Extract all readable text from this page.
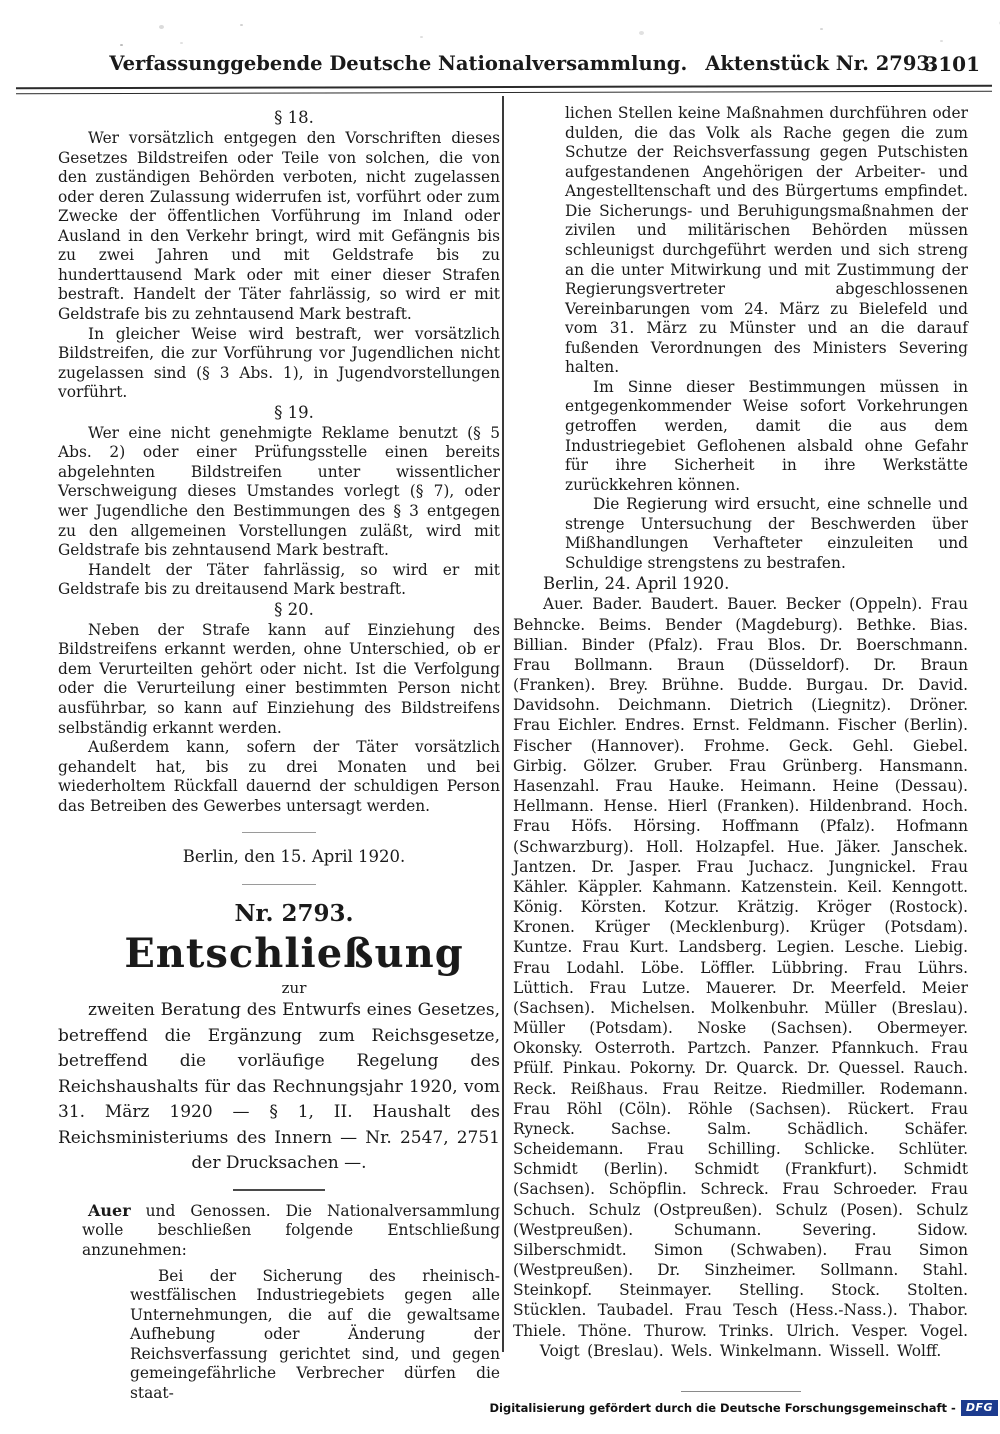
Verfassunggebende Deutsche Nationalversammlung. Aktenstück Nr. 2793.
3101

§ 18.

Wer vorsätzlich entgegen den Vorschriften dieses Gesetzes Bildstreifen oder Teile von solchen, die von den zuständigen Behörden verboten, nicht zugelassen oder deren Zulassung widerrufen ist, vorführt oder zum Zwecke der öffentlichen Vorführung im Inland oder Ausland in den Verkehr bringt, wird mit Gefängnis bis zu zwei Jahren und mit Geldstrafe bis zu hunderttausend Mark oder mit einer dieser Strafen bestraft. Handelt der Täter fahrlässig, so wird er mit Geldstrafe bis zu zehntausend Mark bestraft.

In gleicher Weise wird bestraft, wer vorsätzlich Bildstreifen, die zur Vorführung vor Jugendlichen nicht zugelassen sind (§ 3 Abs. 1), in Jugendvorstellungen vorführt.

§ 19.

Wer eine nicht genehmigte Reklame benutzt (§ 5 Abs. 2) oder einer Prüfungsstelle einen bereits abgelehnten Bildstreifen unter wissentlicher Verschweigung dieses Umstandes vorlegt (§ 7), oder wer Jugendliche den Bestimmungen des § 3 entgegen zu den allgemeinen Vorstellungen zuläßt, wird mit Geldstrafe bis zehntausend Mark bestraft.

Handelt der Täter fahrlässig, so wird er mit Geldstrafe bis zu dreitausend Mark bestraft.

§ 20.

Neben der Strafe kann auf Einziehung des Bildstreifens erkannt werden, ohne Unterschied, ob er dem Verurteilten gehört oder nicht. Ist die Verfolgung oder die Verurteilung einer bestimmten Person nicht ausführbar, so kann auf Einziehung des Bildstreifens selbständig erkannt werden.

Außerdem kann, sofern der Täter vorsätzlich gehandelt hat, bis zu drei Monaten und bei wiederholtem Rückfall dauernd der schuldigen Person das Betreiben des Gewerbes untersagt werden.

Berlin, den 15. April 1920.

Nr. 2793.

Entschließung

zur

zweiten Beratung des Entwurfs eines Gesetzes, betreffend die Ergänzung zum Reichsgesetze, betreffend die vorläufige Regelung des Reichshaushalts für das Rechnungsjahr 1920, vom 31. März 1920 — § 1, II. Haushalt des Reichsministeriums des Innern — Nr. 2547, 2751 der Drucksachen —.

Auer und Genossen. Die Nationalversammlung wolle beschließen folgende Entschließung anzunehmen:

Bei der Sicherung des rheinisch-westfälischen Industriegebiets gegen alle Unternehmungen, die auf die gewaltsame Aufhebung oder Änderung der Reichsverfassung gerichtet sind, und gegen gemeingefährliche Verbrecher dürfen die staat-

lichen Stellen keine Maßnahmen durchführen oder dulden, die das Volk als Rache gegen die zum Schutze der Reichsverfassung gegen Putschisten aufgestandenen Angehörigen der Arbeiter- und Angestelltenschaft und des Bürgertums empfindet. Die Sicherungs- und Beruhigungsmaßnahmen der zivilen und militärischen Behörden müssen schleunigst durchgeführt werden und sich streng an die unter Mitwirkung und mit Zustimmung der Regierungsvertreter abgeschlossenen Vereinbarungen vom 24. März zu Bielefeld und vom 31. März zu Münster und an die darauf fußenden Verordnungen des Ministers Severing halten.

Im Sinne dieser Bestimmungen müssen in entgegenkommender Weise sofort Vorkehrungen getroffen werden, damit die aus dem Industriegebiet Geflohenen alsbald ohne Gefahr für ihre Sicherheit in ihre Werkstätte zurückkehren können.

Die Regierung wird ersucht, eine schnelle und strenge Untersuchung der Beschwerden über Mißhandlungen Verhafteter einzuleiten und Schuldige strengstens zu bestrafen.

Berlin, 24. April 1920.

Auer. Bader. Baudert. Bauer. Becker (Oppeln). Frau Behncke. Beims. Bender (Magdeburg). Bethke. Bias. Billian. Binder (Pfalz). Frau Blos. Dr. Boerschmann. Frau Bollmann. Braun (Düsseldorf). Dr. Braun (Franken). Brey. Brühne. Budde. Burgau. Dr. David. Davidsohn. Deichmann. Dietrich (Liegnitz). Dröner. Frau Eichler. Endres. Ernst. Feldmann. Fischer (Berlin). Fischer (Hannover). Frohme. Geck. Gehl. Giebel. Girbig. Gölzer. Gruber. Frau Grünberg. Hansmann. Hasenzahl. Frau Hauke. Heimann. Heine (Dessau). Hellmann. Hense. Hierl (Franken). Hildenbrand. Hoch. Frau Höfs. Hörsing. Hoffmann (Pfalz). Hofmann (Schwarzburg). Holl. Holzapfel. Hue. Jäker. Janschek. Jantzen. Dr. Jasper. Frau Juchacz. Jungnickel. Frau Kähler. Käppler. Kahmann. Katzenstein. Keil. Kenngott. König. Körsten. Kotzur. Krätzig. Kröger (Rostock). Kronen. Krüger (Mecklenburg). Krüger (Potsdam). Kuntze. Frau Kurt. Landsberg. Legien. Lesche. Liebig. Frau Lodahl. Löbe. Löffler. Lübbring. Frau Lührs. Lüttich. Frau Lutze. Mauerer. Dr. Meerfeld. Meier (Sachsen). Michelsen. Molkenbuhr. Müller (Breslau). Müller (Potsdam). Noske (Sachsen). Obermeyer. Okonsky. Osterroth. Partzch. Panzer. Pfannkuch. Frau Pfülf. Pinkau. Pokorny. Dr. Quarck. Dr. Quessel. Rauch. Reck. Reißhaus. Frau Reitze. Riedmiller. Rodemann. Frau Röhl (Cöln). Röhle (Sachsen). Rückert. Frau Ryneck. Sachse. Salm. Schädlich. Schäfer. Scheidemann. Frau Schilling. Schlicke. Schlüter. Schmidt (Berlin). Schmidt (Frankfurt). Schmidt (Sachsen). Schöpflin. Schreck. Frau Schroeder. Frau Schuch. Schulz (Ostpreußen). Schulz (Posen). Schulz (Westpreußen). Schumann. Severing. Sidow. Silberschmidt. Simon (Schwaben). Frau Simon (Westpreußen). Dr. Sinzheimer. Sollmann. Stahl. Steinkopf. Steinmayer. Stelling. Stock. Stolten. Stücklen. Taubadel. Frau Tesch (Hess.-Nass.). Thabor. Thiele. Thöne. Thurow. Trinks. Ulrich. Vesper. Vogel. Voigt (Breslau). Wels. Winkelmann. Wissell. Wolff.

Digitalisierung gefördert durch die Deutsche Forschungsgemeinschaft - DFG
